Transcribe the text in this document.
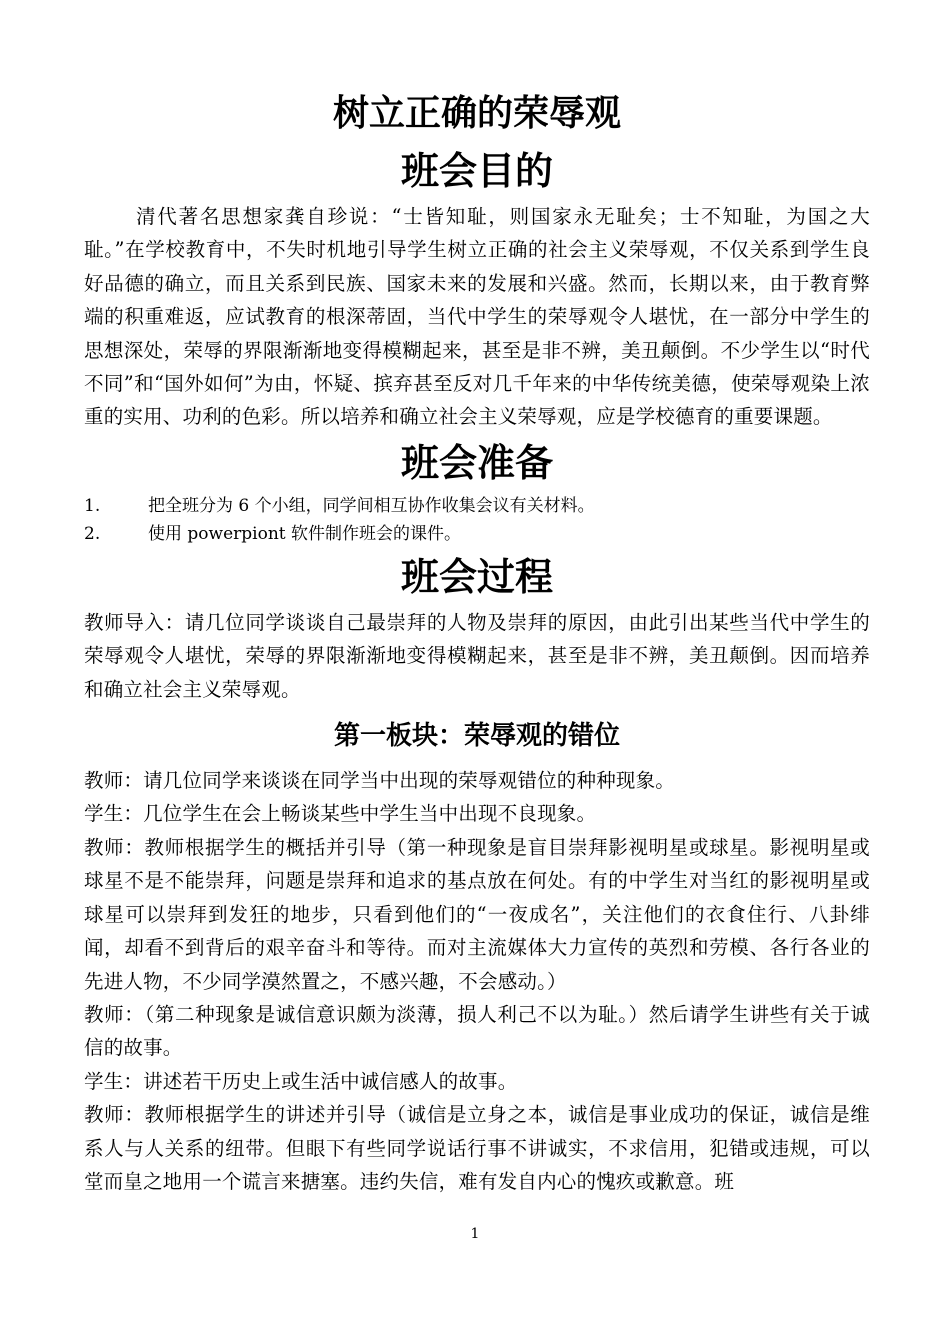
树立正确的荣辱观
班会目的

清代著名思想家龚自珍说：“士皆知耻，则国家永无耻矣；士不知耻，为国之大耻。”在学校教育中，不失时机地引导学生树立正确的社会主义荣辱观，不仅关系到学生良好品德的确立，而且关系到民族、国家未来的发展和兴盛。然而，长期以来，由于教育弊端的积重难返，应试教育的根深蒂固，当代中学生的荣辱观令人堪忧，在一部分中学生的思想深处，荣辱的界限渐渐地变得模糊起来，甚至是非不辨，美丑颠倒。不少学生以“时代不同”和“国外如何”为由，怀疑、摈弃甚至反对几千年来的中华传统美德，使荣辱观染上浓重的实用、功利的色彩。所以培养和确立社会主义荣辱观，应是学校德育的重要课题。

班会准备
1.	把全班分为 6 个小组，同学间相互协作收集会议有关材料。
2.	使用 powerpiont 软件制作班会的课件。
班会过程

教师导入：请几位同学谈谈自己最崇拜的人物及崇拜的原因，由此引出某些当代中学生的荣辱观令人堪忧，荣辱的界限渐渐地变得模糊起来，甚至是非不辨，美丑颠倒。因而培养和确立社会主义荣辱观。

第一板块：荣辱观的错位

教师：请几位同学来谈谈在同学当中出现的荣辱观错位的种种现象。

学生：几位学生在会上畅谈某些中学生当中出现不良现象。

教师：教师根据学生的概括并引导（第一种现象是盲目崇拜影视明星或球星。影视明星或球星不是不能崇拜，问题是崇拜和追求的基点放在何处。有的中学生对当红的影视明星或球星可以崇拜到发狂的地步，只看到他们的“一夜成名”，关注他们的衣食住行、八卦绯闻，却看不到背后的艰辛奋斗和等待。而对主流媒体大力宣传的英烈和劳模、各行各业的先进人物，不少同学漠然置之，不感兴趣，不会感动。）

教师：（第二种现象是诚信意识颇为淡薄，损人利己不以为耻。）然后请学生讲些有关于诚信的故事。

学生：讲述若干历史上或生活中诚信感人的故事。

教师：教师根据学生的讲述并引导（诚信是立身之本，诚信是事业成功的保证，诚信是维系人与人关系的纽带。但眼下有些同学说话行事不讲诚实，不求信用，犯错或违规，可以堂而皇之地用一个谎言来搪塞。违约失信，难有发自内心的愧疚或歉意。班

1
